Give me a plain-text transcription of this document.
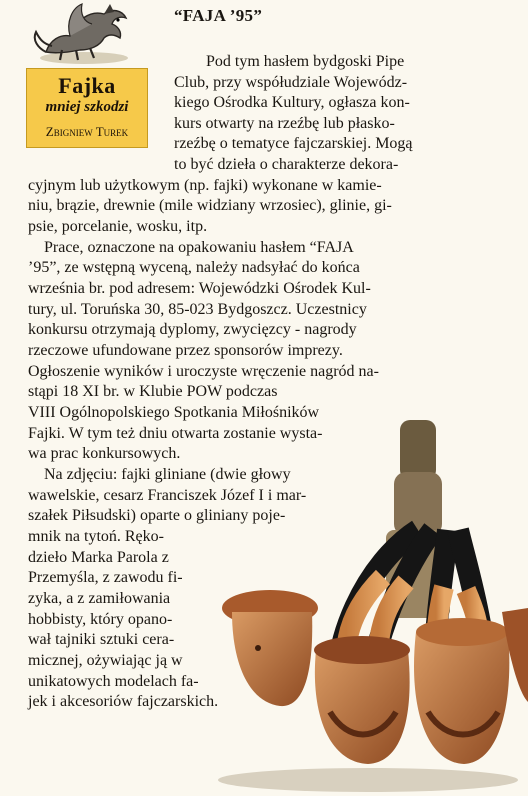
Fajka
mniej szkodzi
Zbigniew Turek
“FAJA ’95”
Pod tym hasłem bydgoski Pipe
Club, przy współudziale Wojewódz-
kiego Ośrodka Kultury, ogłasza kon-
kurs otwarty na rzeźbę lub płasko-
rzeźbę o tematyce fajczarskiej. Mogą
to być dzieła o charakterze dekora-
cyjnym lub użytkowym (np. fajki) wykonane w kamie-
niu, brązie, drewnie (mile widziany wrzosiec), glinie, gi-
psie, porcelanie, wosku, itp.
Prace, oznaczone na opakowaniu hasłem “FAJA
’95”, ze wstępną wyceną, należy nadsyłać do końca
września br. pod adresem: Wojewódzki Ośrodek Kul-
tury, ul. Toruńska 30, 85-023 Bydgoszcz. Uczestnicy
konkursu otrzymają dyplomy, zwycięzcy - nagrody
rzeczowe ufundowane przez sponsorów imprezy.
Ogłoszenie wyników i uroczyste wręczenie nagród na-
stąpi 18 XI br. w Klubie POW podczas
VIII Ogólnopolskiego Spotkania Miłośników
Fajki. W tym też dniu otwarta zostanie wysta-
wa prac konkursowych.
Na zdjęciu: fajki gliniane (dwie głowy
wawelskie, cesarz Franciszek Józef I i mar-
szałek Piłsudski) oparte o gliniany poje-
mnik na tytoń. Ręko-
dzieło Marka Parola z
Przemyśla, z zawodu fi-
zyka, a z zamiłowania
hobbisty, który opano-
wał tajniki sztuki cera-
micznej, ożywiając ją w
unikatowych modelach fa-
jek i akcesoriów fajczarskich.
